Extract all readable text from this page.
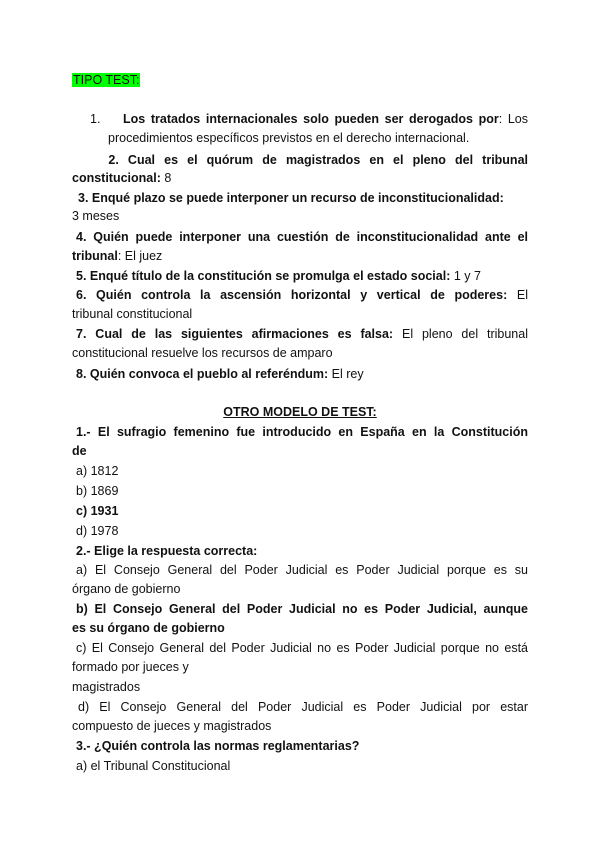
TIPO TEST:
1. Los tratados internacionales solo pueden ser derogados por: Los
procedimientos específicos previstos en el derecho internacional.
2. Cual es el quórum de magistrados en el pleno del tribunal
constitucional: 8
3. Enqué plazo se puede interponer un recurso de inconstitucionalidad:
3 meses
4. Quién puede interponer una cuestión de inconstitucionalidad ante el
tribunal: El juez
5. Enqué título de la constitución se promulga el estado social: 1 y 7
6. Quién controla la ascensión horizontal y vertical de poderes: El
tribunal constitucional
7. Cual de las siguientes afirmaciones es falsa: El pleno del tribunal
constitucional resuelve los recursos de amparo
8. Quién convoca el pueblo al referéndum: El rey
OTRO MODELO DE TEST:
1.- El sufragio femenino fue introducido en España en la Constitución
de
a) 1812
b) 1869
c) 1931
d) 1978
2.- Elige la respuesta correcta:
a) El Consejo General del Poder Judicial es Poder Judicial porque es su
órgano de gobierno
b) El Consejo General del Poder Judicial no es Poder Judicial, aunque
es su órgano de gobierno
c) El Consejo General del Poder Judicial no es Poder Judicial porque no está
formado por jueces y
magistrados
d) El Consejo General del Poder Judicial es Poder Judicial por estar
compuesto de jueces y magistrados
3.- ¿Quién controla las normas reglamentarias?
a) el Tribunal Constitucional
